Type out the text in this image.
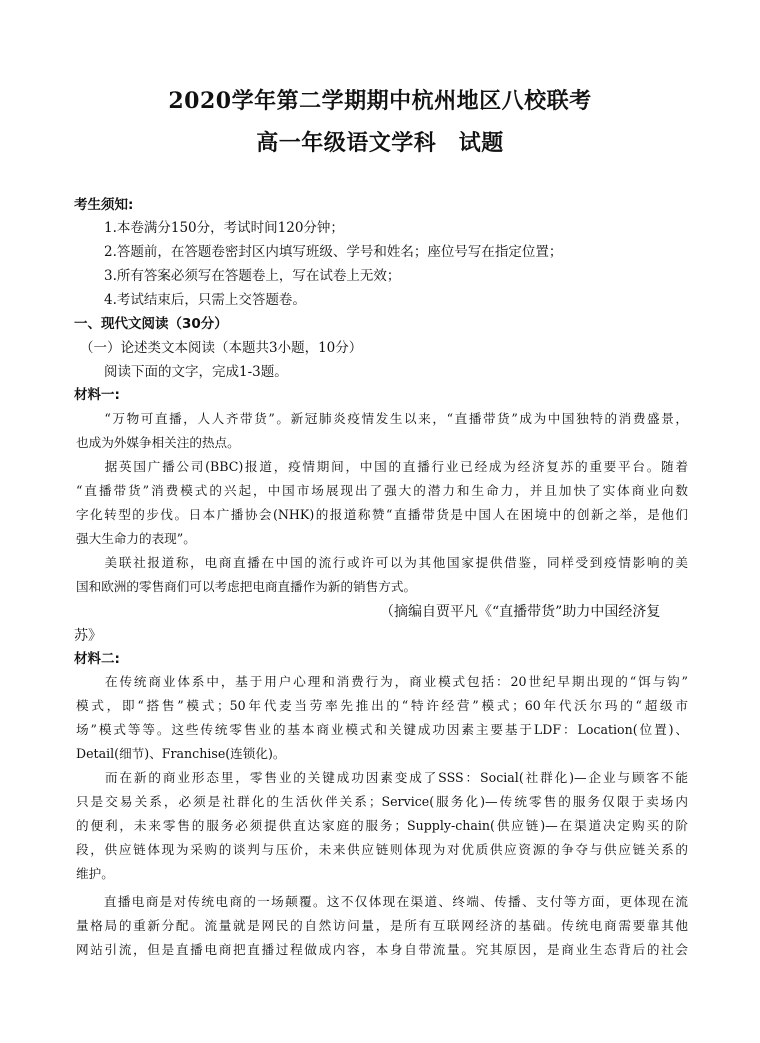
2020学年第二学期期中杭州地区八校联考
高一年级语文学科　试题
考生须知:
1.本卷满分150分，考试时间120分钟；
2.答题前，在答题卷密封区内填写班级、学号和姓名；座位号写在指定位置；
3.所有答案必须写在答题卷上，写在试卷上无效；
4.考试结束后，只需上交答题卷。
一、现代文阅读（30分）
（一）论述类文本阅读（本题共3小题，10分）
阅读下面的文字，完成1-3题。
材料一:
　　“万物可直播，人人齐带货”。新冠肺炎疫情发生以来，“直播带货”成为中国独特的消费盛景，
也成为外媒争相关注的热点。
　　据英国广播公司(BBC)报道，疫情期间，中国的直播行业已经成为经济复苏的重要平台。随着
“直播带货”消费模式的兴起，中国市场展现出了强大的潜力和生命力，并且加快了实体商业向数
字化转型的步伐。日本广播协会(NHK)的报道称赞“直播带货是中国人在困境中的创新之举，是他们
强大生命力的表现”。
　　美联社报道称，电商直播在中国的流行或许可以为其他国家提供借鉴，同样受到疫情影响的美
国和欧洲的零售商们可以考虑把电商直播作为新的销售方式。
（摘编自贾平凡《“直播带货”助力中国经济复
苏》
材料二:
　　在传统商业体系中，基于用户心理和消费行为，商业模式包括：20世纪早期出现的“饵与钩”
模式，即“搭售”模式；50年代麦当劳率先推出的“特许经营”模式；60年代沃尔玛的“超级市
场”模式等等。这些传统零售业的基本商业模式和关键成功因素主要基于LDF：Location(位置)、
Detail(细节)、Franchise(连锁化)。
　　而在新的商业形态里，零售业的关键成功因素变成了SSS：Social(社群化)—企业与顾客不能
只是交易关系，必须是社群化的生活伙伴关系；Service(服务化)—传统零售的服务仅限于卖场内
的便利，未来零售的服务必须提供直达家庭的服务；Supply-chain(供应链)—在渠道决定购买的阶
段，供应链体现为采购的谈判与压价，未来供应链则体现为对优质供应资源的争夺与供应链关系的
维护。
　　直播电商是对传统电商的一场颠覆。这不仅体现在渠道、终端、传播、支付等方面，更体现在流
量格局的重新分配。流量就是网民的自然访问量，是所有互联网经济的基础。传统电商需要靠其他
网站引流，但是直播电商把直播过程做成内容，本身自带流量。究其原因，是商业生态背后的社会
